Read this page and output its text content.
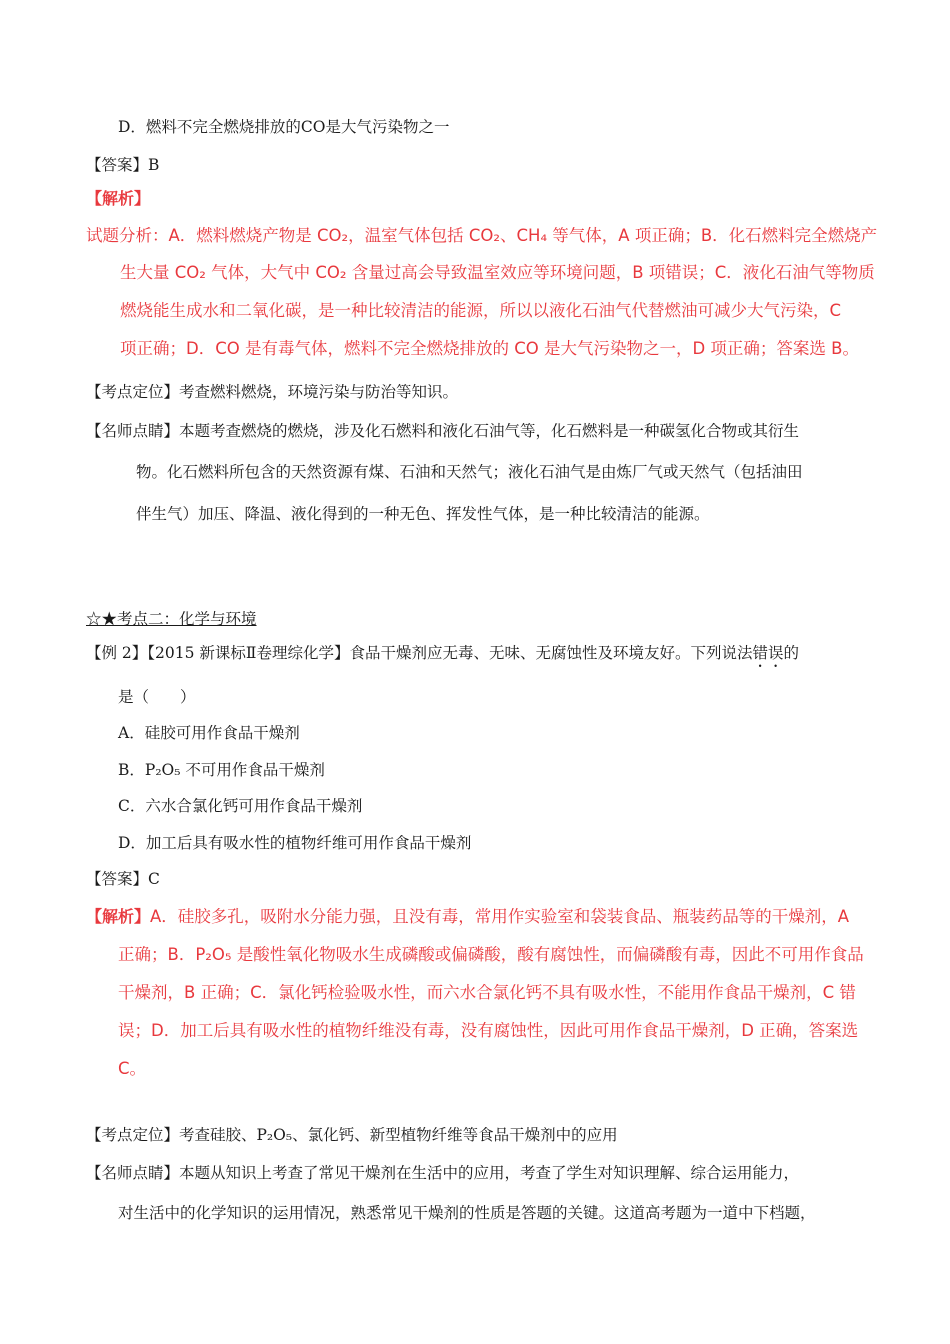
D．燃料不完全燃烧排放的CO是大气污染物之一
【答案】B
【解析】
试题分析：A．燃料燃烧产物是 CO₂，温室气体包括 CO₂、CH₄ 等气体，A 项正确；B．化石燃料完全燃烧产
生大量 CO₂ 气体，大气中 CO₂ 含量过高会导致温室效应等环境问题，B 项错误；C．液化石油气等物质
燃烧能生成水和二氧化碳，是一种比较清洁的能源，所以以液化石油气代替燃油可减少大气污染，C
项正确；D．CO 是有毒气体，燃料不完全燃烧排放的 CO 是大气污染物之一，D 项正确；答案选 B。
【考点定位】考查燃料燃烧，环境污染与防治等知识。
【名师点睛】本题考查燃烧的燃烧，涉及化石燃料和液化石油气等，化石燃料是一种碳氢化合物或其衍生
物。化石燃料所包含的天然资源有煤、石油和天然气；液化石油气是由炼厂气或天然气（包括油田
伴生气）加压、降温、液化得到的一种无色、挥发性气体，是一种比较清洁的能源。
☆★考点二：化学与环境
【例 2】【2015 新课标Ⅱ卷理综化学】食品干燥剂应无毒、无味、无腐蚀性及环境友好。下列说法错误的
是（　　）
A．硅胶可用作食品干燥剂
B．P₂O₅ 不可用作食品干燥剂
C．六水合氯化钙可用作食品干燥剂
D．加工后具有吸水性的植物纤维可用作食品干燥剂
【答案】C
【解析】A．硅胶多孔，吸附水分能力强，且没有毒，常用作实验室和袋装食品、瓶装药品等的干燥剂，A
正确；B．P₂O₅ 是酸性氧化物吸水生成磷酸或偏磷酸，酸有腐蚀性，而偏磷酸有毒，因此不可用作食品
干燥剂，B 正确；C．氯化钙检验吸水性，而六水合氯化钙不具有吸水性，不能用作食品干燥剂，C 错
误；D．加工后具有吸水性的植物纤维没有毒，没有腐蚀性，因此可用作食品干燥剂，D 正确，答案选
C。
【考点定位】考查硅胶、P₂O₅、氯化钙、新型植物纤维等食品干燥剂中的应用
【名师点睛】本题从知识上考查了常见干燥剂在生活中的应用，考查了学生对知识理解、综合运用能力，
对生活中的化学知识的运用情况，熟悉常见干燥剂的性质是答题的关键。这道高考题为一道中下档题，
